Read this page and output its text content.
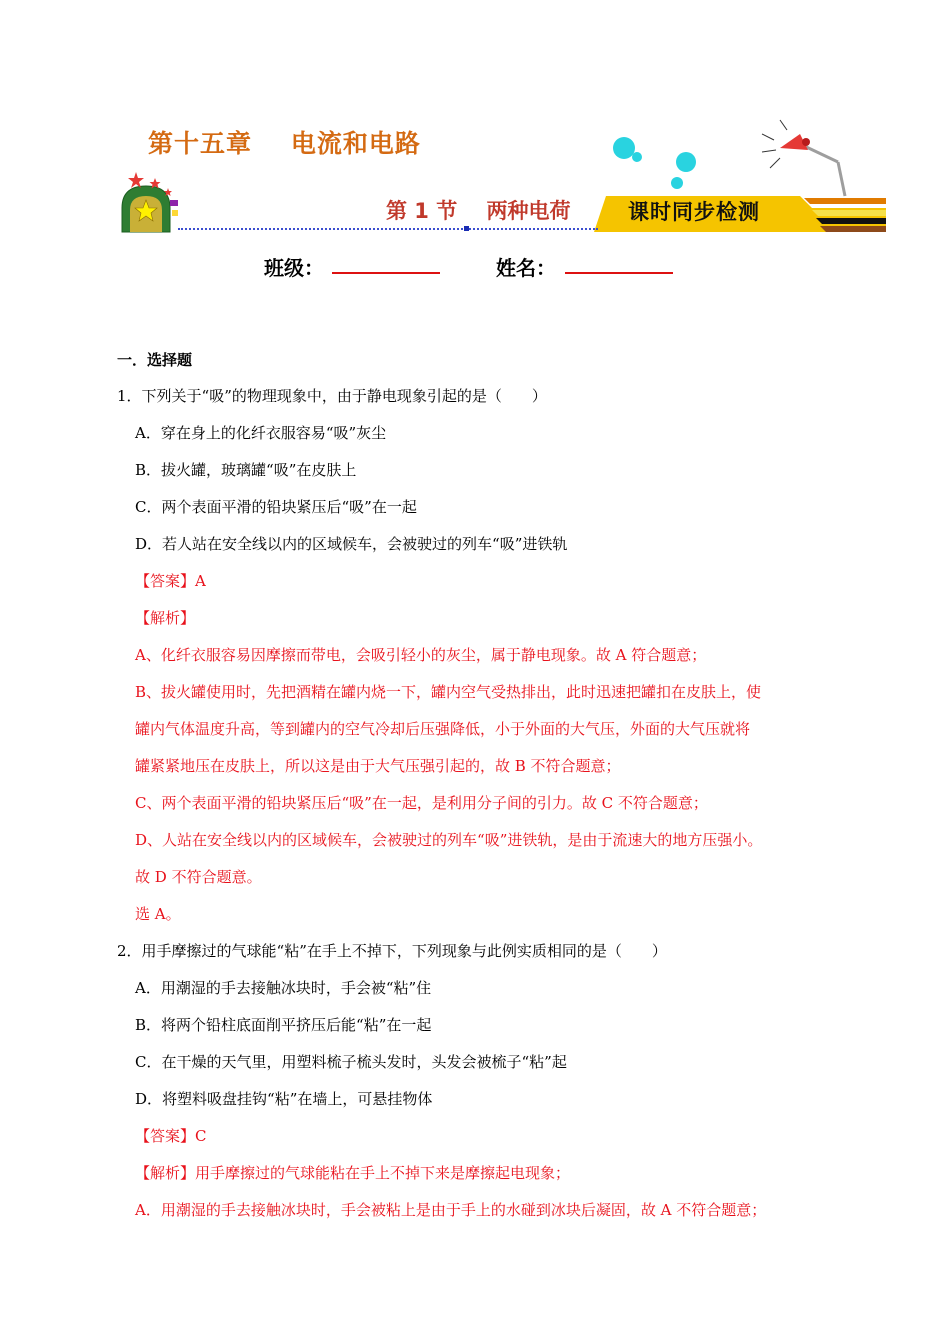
第十五章    电流和电路
第 1 节    两种电荷	课时同步检测
班级：	姓名：
一．选择题
1．下列关于“吸”的物理现象中，由于静电现象引起的是（　　）
A．穿在身上的化纤衣服容易“吸”灰尘
B．拔火罐，玻璃罐“吸”在皮肤上
C．两个表面平滑的铅块紧压后“吸”在一起
D．若人站在安全线以内的区域候车，会被驶过的列车“吸”进铁轨
【答案】A
【解析】
A、化纤衣服容易因摩擦而带电，会吸引轻小的灰尘，属于静电现象。故 A 符合题意；
B、拔火罐使用时，先把酒精在罐内烧一下，罐内空气受热排出，此时迅速把罐扣在皮肤上，使
罐内气体温度升高，等到罐内的空气冷却后压强降低，小于外面的大气压，外面的大气压就将
罐紧紧地压在皮肤上，所以这是由于大气压强引起的，故 B 不符合题意；
C、两个表面平滑的铅块紧压后“吸”在一起，是利用分子间的引力。故 C 不符合题意；
D、人站在安全线以内的区域候车，会被驶过的列车“吸”进铁轨，是由于流速大的地方压强小。
故 D 不符合题意。
选 A。
2．用手摩擦过的气球能“粘”在手上不掉下，下列现象与此例实质相同的是（　　）
A．用潮湿的手去接触冰块时，手会被“粘”住
B．将两个铅柱底面削平挤压后能“粘”在一起
C．在干燥的天气里，用塑料梳子梳头发时，头发会被梳子“粘”起
D．将塑料吸盘挂钩“粘”在墙上，可悬挂物体
【答案】C
【解析】用手摩擦过的气球能粘在手上不掉下来是摩擦起电现象；
A．用潮湿的手去接触冰块时，手会被粘上是由于手上的水碰到冰块后凝固，故 A 不符合题意；
